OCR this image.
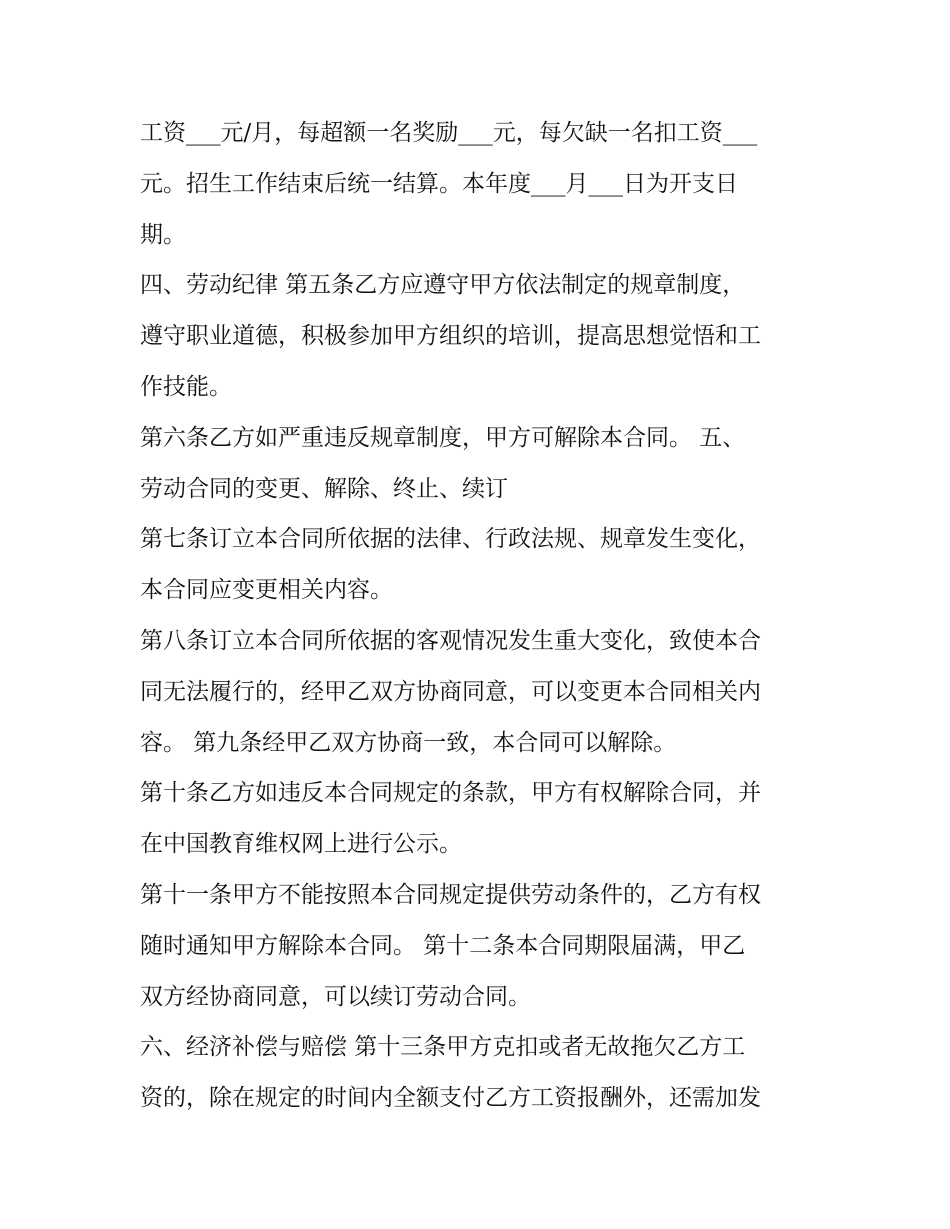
工资___元/月，每超额一名奖励___元，每欠缺一名扣工资___
元。招生工作结束后统一结算。本年度___月___日为开支日
期。
四、劳动纪律 第五条乙方应遵守甲方依法制定的规章制度，
遵守职业道德，积极参加甲方组织的培训，提高思想觉悟和工
作技能。
第六条乙方如严重违反规章制度，甲方可解除本合同。 五、
劳动合同的变更、解除、终止、续订
第七条订立本合同所依据的法律、行政法规、规章发生变化，
本合同应变更相关内容。
第八条订立本合同所依据的客观情况发生重大变化，致使本合
同无法履行的，经甲乙双方协商同意，可以变更本合同相关内
容。 第九条经甲乙双方协商一致，本合同可以解除。
第十条乙方如违反本合同规定的条款，甲方有权解除合同，并
在中国教育维权网上进行公示。
第十一条甲方不能按照本合同规定提供劳动条件的，乙方有权
随时通知甲方解除本合同。 第十二条本合同期限届满，甲乙
双方经协商同意，可以续订劳动合同。
六、经济补偿与赔偿 第十三条甲方克扣或者无故拖欠乙方工
资的，除在规定的时间内全额支付乙方工资报酬外，还需加发
